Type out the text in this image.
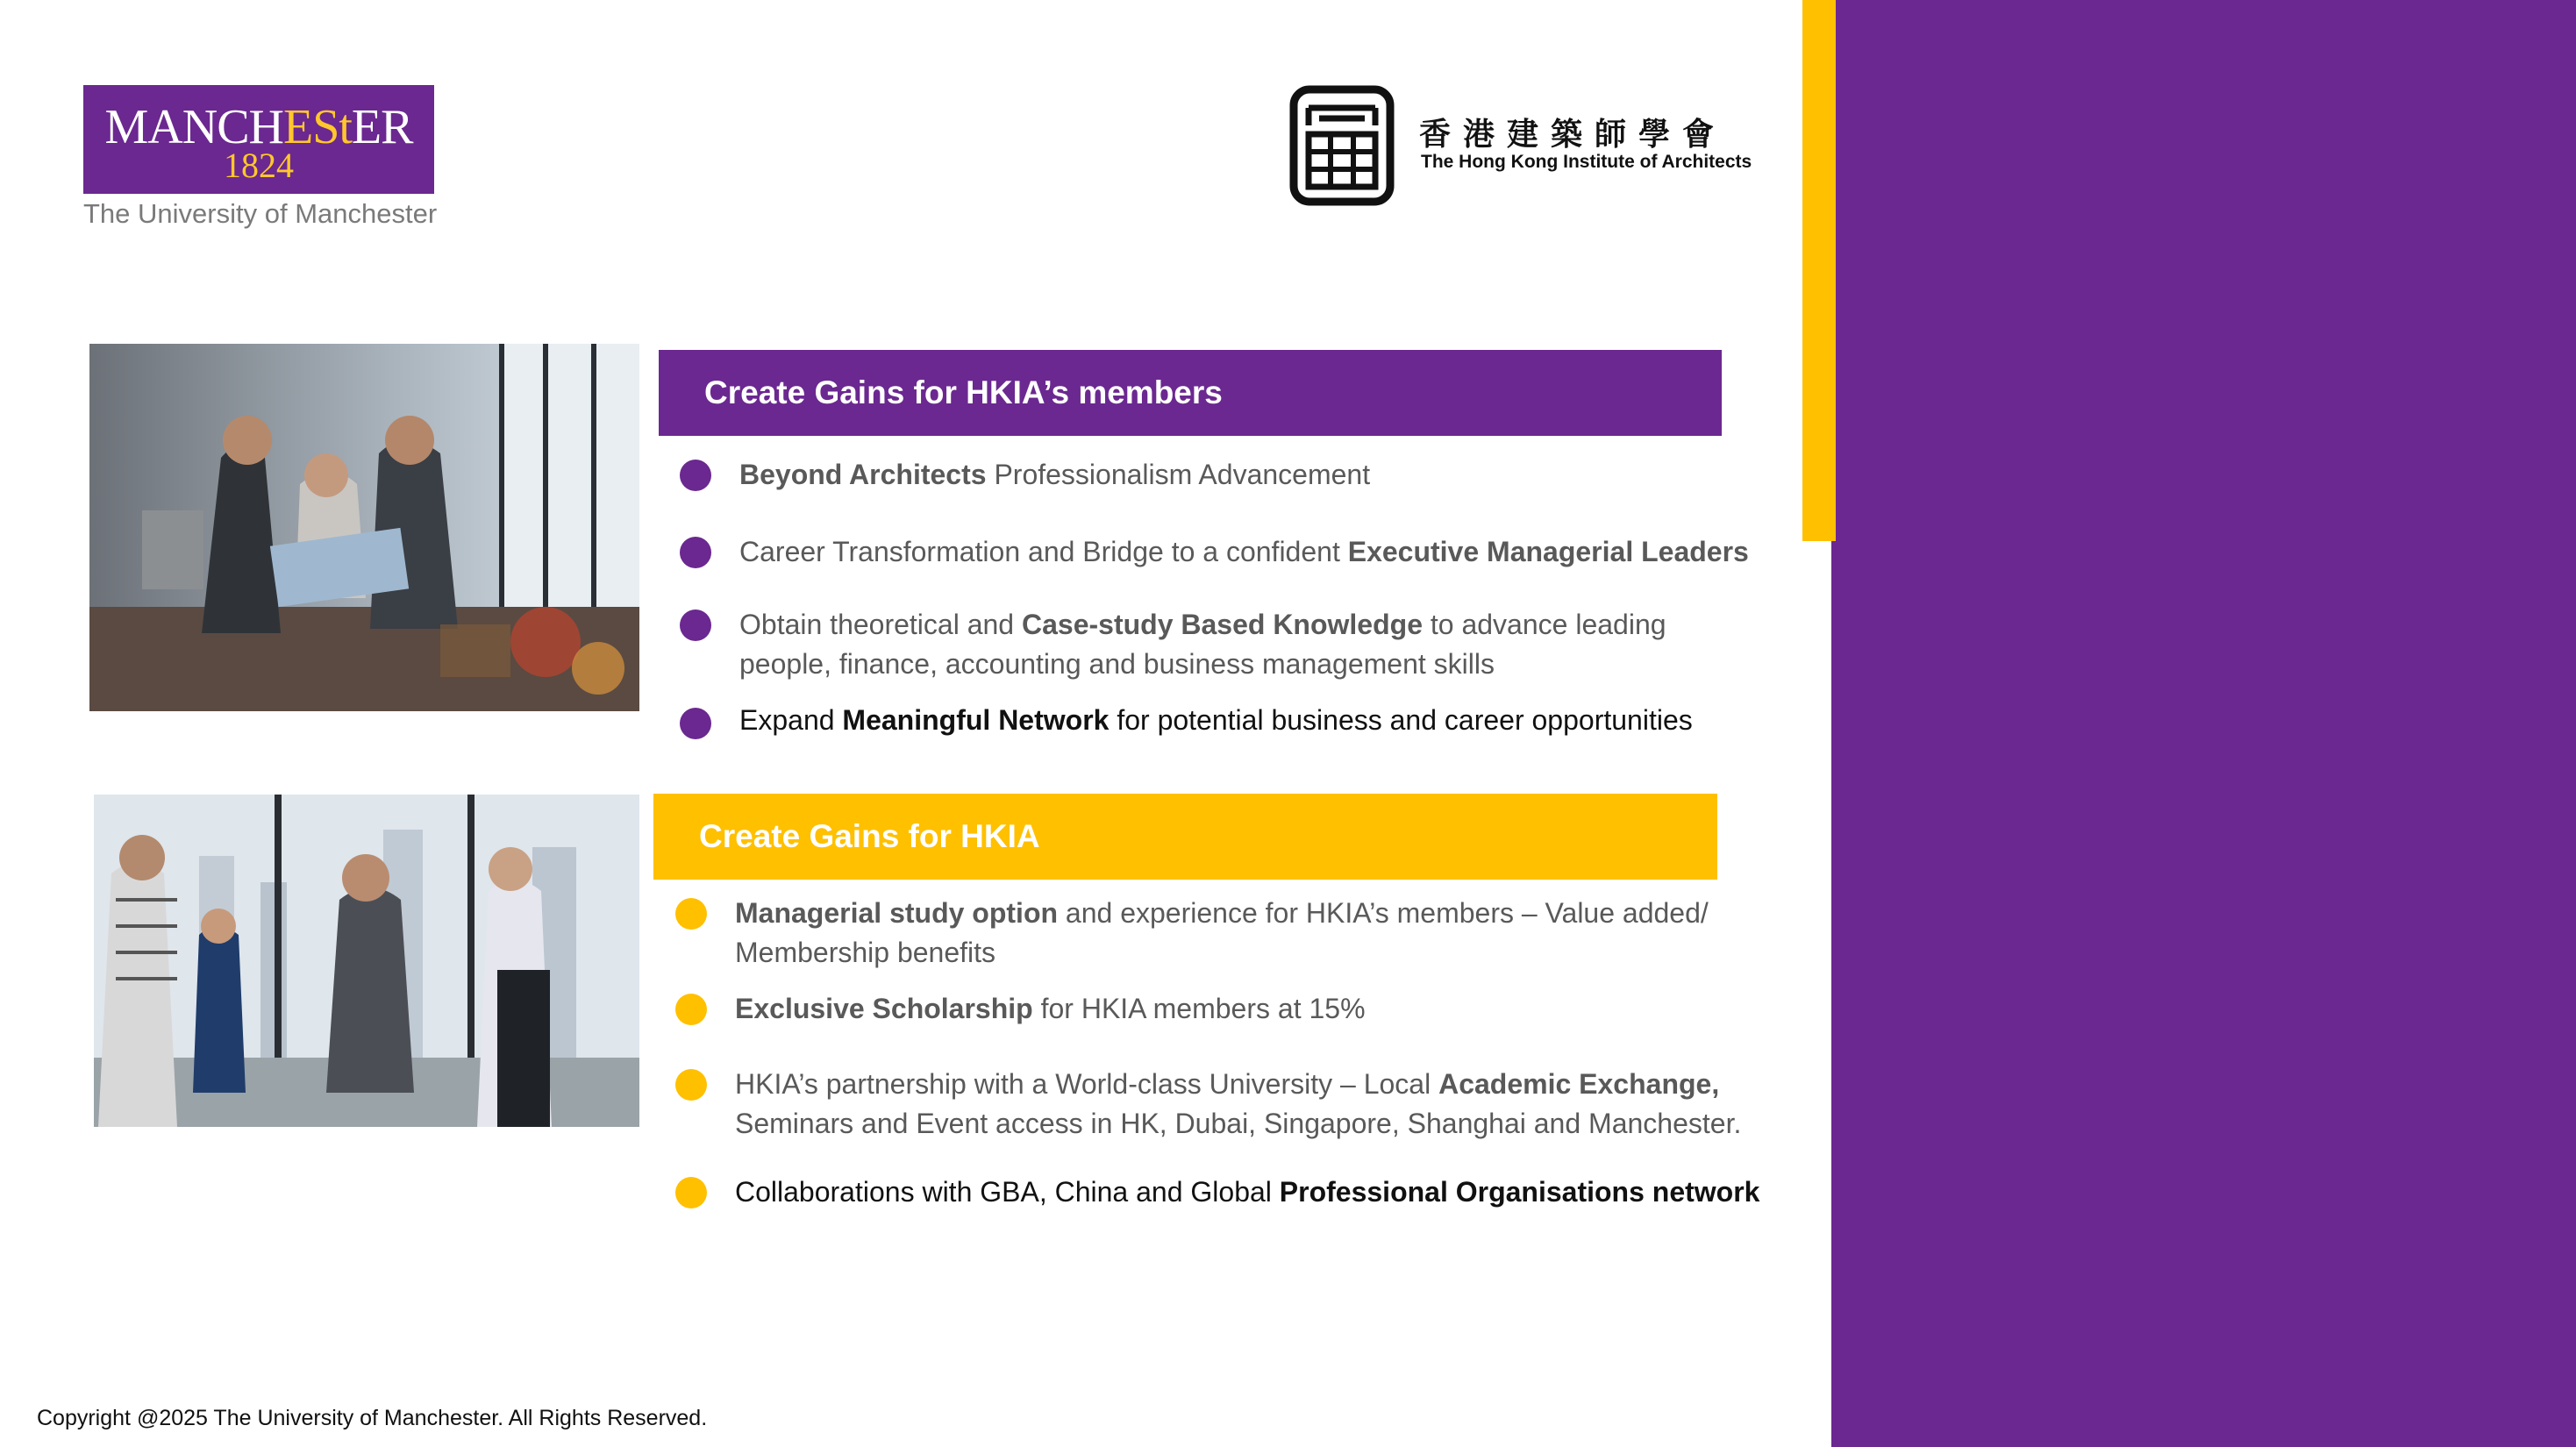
MANCHEStER
1824
The University of Manchester
香港建築師學會
The Hong Kong Institute of Architects
Create Gains for HKIA’s members
Beyond Architects Professionalism Advancement
Career Transformation and Bridge to a confident Executive Managerial Leaders
Obtain theoretical and Case-study Based Knowledge to advance leading
people, finance, accounting and business management skills
Expand Meaningful Network for potential business and career opportunities
Create Gains for HKIA
Managerial study option and experience for HKIA’s members – Value added/
Membership benefits
Exclusive Scholarship for HKIA members at 15%
HKIA’s partnership with a World-class University – Local Academic Exchange,
Seminars and Event access in HK, Dubai, Singapore, Shanghai and Manchester.
Collaborations with GBA, China and Global Professional Organisations network
Copyright @2025 The University of Manchester. All Rights Reserved.
